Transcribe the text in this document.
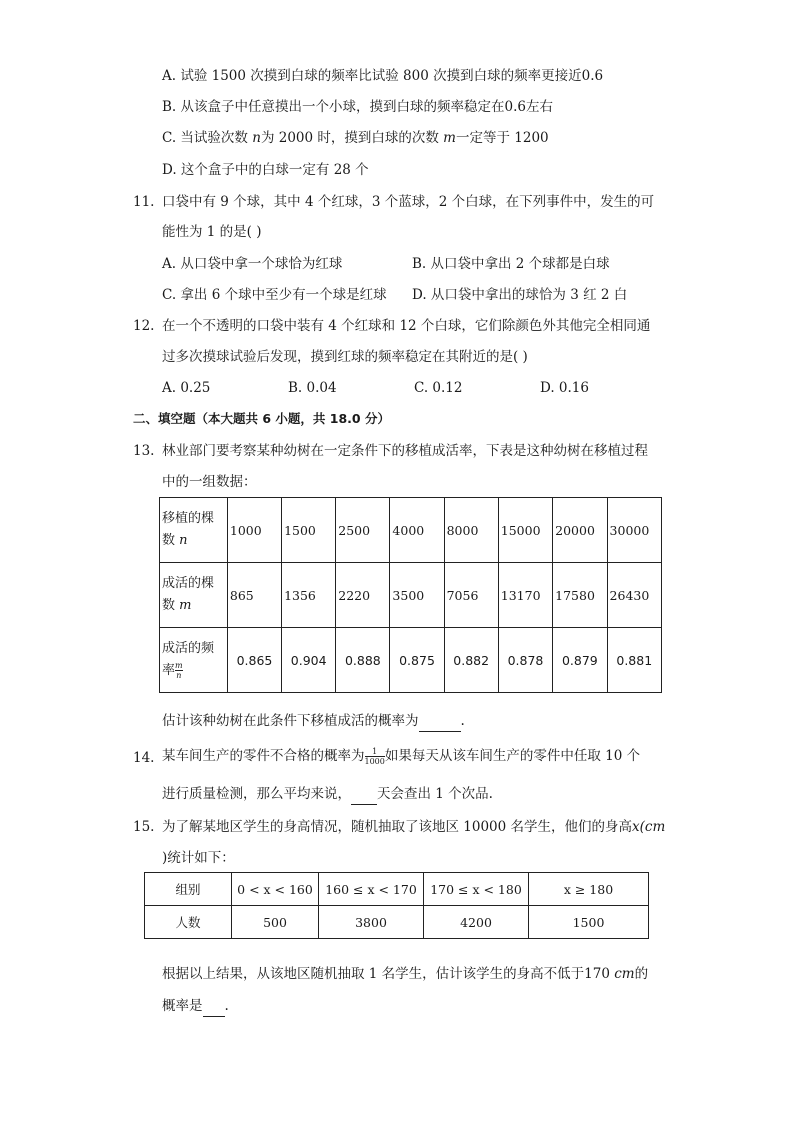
A. 试验 1500 次摸到白球的频率比试验 800 次摸到白球的频率更接近0.6
B. 从该盒子中任意摸出一个小球，摸到白球的频率稳定在0.6左右
C. 当试验次数 n为 2000 时，摸到白球的次数 m一定等于 1200
D. 这个盒子中的白球一定有 28 个
11. 口袋中有 9 个球，其中 4 个红球，3 个蓝球，2 个白球，在下列事件中，发生的可
能性为 1 的是( )
A. 从口袋中拿一个球恰为红球	B. 从口袋中拿出 2 个球都是白球
C. 拿出 6 个球中至少有一个球是红球 D. 从口袋中拿出的球恰为 3 红 2 白
12. 在一个不透明的口袋中装有 4 个红球和 12 个白球，它们除颜色外其他完全相同通
过多次摸球试验后发现，摸到红球的频率稳定在其附近的是( )
A. 0.25	B. 0.04	C. 0.12	D. 0.16
二、填空题（本大题共 6 小题，共 18.0 分）
13. 林业部门要考察某种幼树在一定条件下的移植成活率，下表是这种幼树在移植过程
中的一组数据：
移植的棵
数 n	1000	1500	2500	4000	8000	15000	20000	30000
成活的棵
数 m	865	1356	2220	3500	7056	13170	17580	26430
成活的频
率 $\frac{m}{n}$	0.865	0.904	0.888	0.875	0.882	0.878	0.879	0.881
估计该种幼树在此条件下移植成活的概率为	.
14. 某车间生产的零件不合格的概率为 $\frac{1}{1000}$ 如果每天从该车间生产的零件中任取 10 个
进行质量检测，那么平均来说， 天会查出 1 个次品.
15. 为了解某地区学生的身高情况，随机抽取了该地区 10000 名学生，他们的身高x(cm
)统计如下：
组别	0 < x < 160	160 ≤ x < 170	170 ≤ x < 180	x ≥ 180
人数	500	3800	4200	1500
根据以上结果，从该地区随机抽取 1 名学生，估计该学生的身高不低于170 cm的
概率是 .
